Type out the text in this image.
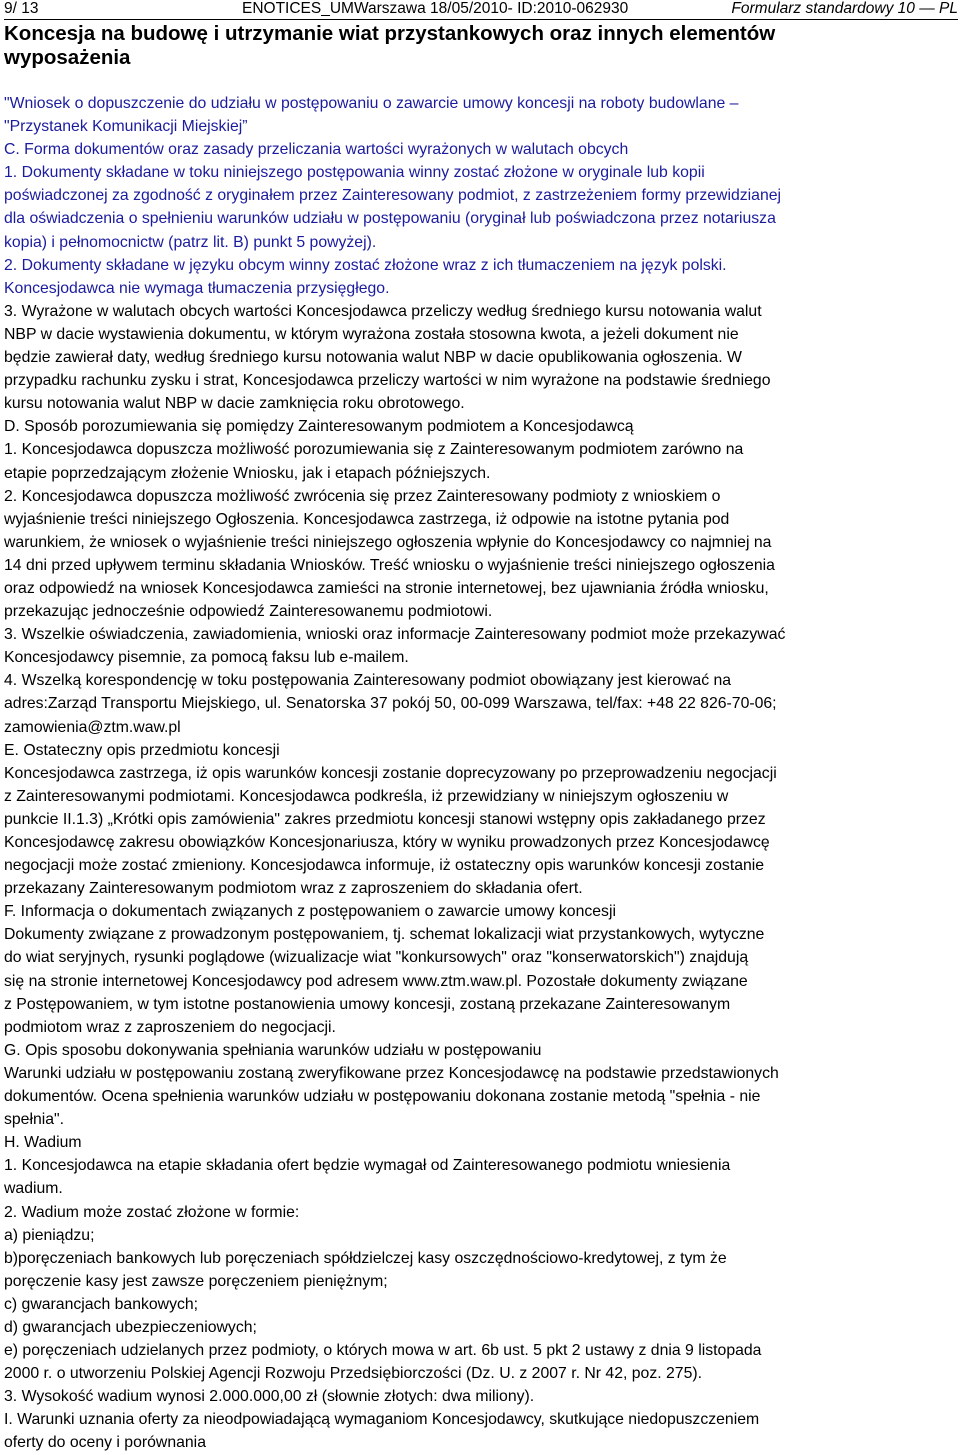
9/ 13	ENOTICES_UMWarszawa 18/05/2010- ID:2010-062930	Formularz standardowy 10 — PL
Koncesja na budowę i utrzymanie wiat przystankowych oraz innych elementów
wyposażenia
"Wniosek o dopuszczenie do udziału w postępowaniu o zawarcie umowy koncesji na roboty budowlane –
"Przystanek Komunikacji Miejskiej”
C. Forma dokumentów oraz zasady przeliczania wartości wyrażonych w walutach obcych
1. Dokumenty składane w toku niniejszego postępowania winny zostać złożone w oryginale lub kopii
poświadczonej za zgodność z oryginałem przez Zainteresowany podmiot, z zastrzeżeniem formy przewidzianej
dla oświadczenia o spełnieniu warunków udziału w postępowaniu (oryginał lub poświadczona przez notariusza
kopia) i pełnomocnictw (patrz lit. B) punkt 5 powyżej).
2. Dokumenty składane w języku obcym winny zostać złożone wraz z ich tłumaczeniem na język polski.
Koncesjodawca nie wymaga tłumaczenia przysięgłego.
3. Wyrażone w walutach obcych wartości Koncesjodawca przeliczy według średniego kursu notowania walut
NBP w dacie wystawienia dokumentu, w którym wyrażona została stosowna kwota, a jeżeli dokument nie
będzie zawierał daty, według średniego kursu notowania walut NBP w dacie opublikowania ogłoszenia. W
przypadku rachunku zysku i strat, Koncesjodawca przeliczy wartości w nim wyrażone na podstawie średniego
kursu notowania walut NBP w dacie zamknięcia roku obrotowego.
D. Sposób porozumiewania się pomiędzy Zainteresowanym podmiotem a Koncesjodawcą
1. Koncesjodawca dopuszcza możliwość porozumiewania się z Zainteresowanym podmiotem zarówno na
etapie poprzedzającym złożenie Wniosku, jak i etapach późniejszych.
2. Koncesjodawca dopuszcza możliwość zwrócenia się przez Zainteresowany podmioty z wnioskiem o
wyjaśnienie treści niniejszego Ogłoszenia. Koncesjodawca zastrzega, iż odpowie na istotne pytania pod
warunkiem, że wniosek o wyjaśnienie treści niniejszego ogłoszenia wpłynie do Koncesjodawcy co najmniej na
14 dni przed upływem terminu składania Wniosków. Treść wniosku o wyjaśnienie treści niniejszego ogłoszenia
oraz odpowiedź na wniosek Koncesjodawca zamieści na stronie internetowej, bez ujawniania źródła wniosku,
przekazując jednocześnie odpowiedź Zainteresowanemu podmiotowi.
3. Wszelkie oświadczenia, zawiadomienia, wnioski oraz informacje Zainteresowany podmiot może przekazywać
Koncesjodawcy pisemnie, za pomocą faksu lub e-mailem.
4. Wszelką korespondencję w toku postępowania Zainteresowany podmiot obowiązany jest kierować na
adres:Zarząd Transportu Miejskiego, ul. Senatorska 37 pokój 50, 00-099 Warszawa, tel/fax: +48 22 826-70-06;
zamowienia@ztm.waw.pl
E. Ostateczny opis przedmiotu koncesji
Koncesjodawca zastrzega, iż opis warunków koncesji zostanie doprecyzowany po przeprowadzeniu negocjacji
z Zainteresowanymi podmiotami. Koncesjodawca podkreśla, iż przewidziany w niniejszym ogłoszeniu w
punkcie II.1.3) „Krótki opis zamówienia" zakres przedmiotu koncesji stanowi wstępny opis zakładanego przez
Koncesjodawcę zakresu obowiązków Koncesjonariusza, który w wyniku prowadzonych przez Koncesjodawcę
negocjacji może zostać zmieniony. Koncesjodawca informuje, iż ostateczny opis warunków koncesji zostanie
przekazany Zainteresowanym podmiotom wraz z zaproszeniem do składania ofert.
F. Informacja o dokumentach związanych z postępowaniem o zawarcie umowy koncesji
Dokumenty związane z prowadzonym postępowaniem, tj. schemat lokalizacji wiat przystankowych, wytyczne
do wiat seryjnych, rysunki poglądowe (wizualizacje wiat "konkursowych" oraz "konserwatorskich") znajdują
się na stronie internetowej Koncesjodawcy pod adresem www.ztm.waw.pl. Pozostałe dokumenty związane
z Postępowaniem, w tym istotne postanowienia umowy koncesji, zostaną przekazane Zainteresowanym
podmiotom wraz z zaproszeniem do negocjacji.
G. Opis sposobu dokonywania spełniania warunków udziału w postępowaniu
Warunki udziału w postępowaniu zostaną zweryfikowane przez Koncesjodawcę na podstawie przedstawionych
dokumentów. Ocena spełnienia warunków udziału w postępowaniu dokonana zostanie metodą "spełnia - nie
spełnia".
H. Wadium
1. Koncesjodawca na etapie składania ofert będzie wymagał od Zainteresowanego podmiotu wniesienia
wadium.
2. Wadium może zostać złożone w formie:
a) pieniądzu;
b)poręczeniach bankowych lub poręczeniach spółdzielczej kasy oszczędnościowo-kredytowej, z tym że
poręczenie kasy jest zawsze poręczeniem pieniężnym;
c) gwarancjach bankowych;
d) gwarancjach ubezpieczeniowych;
e) poręczeniach udzielanych przez podmioty, o których mowa w art. 6b ust. 5 pkt 2 ustawy z dnia 9 listopada
2000 r. o utworzeniu Polskiej Agencji Rozwoju Przedsiębiorczości (Dz. U. z 2007 r. Nr 42, poz. 275).
3. Wysokość wadium wynosi 2.000.000,00 zł (słownie złotych: dwa miliony).
I. Warunki uznania oferty za nieodpowiadającą wymaganiom Koncesjodawcy, skutkujące niedopuszczeniem
oferty do oceny i porównania
